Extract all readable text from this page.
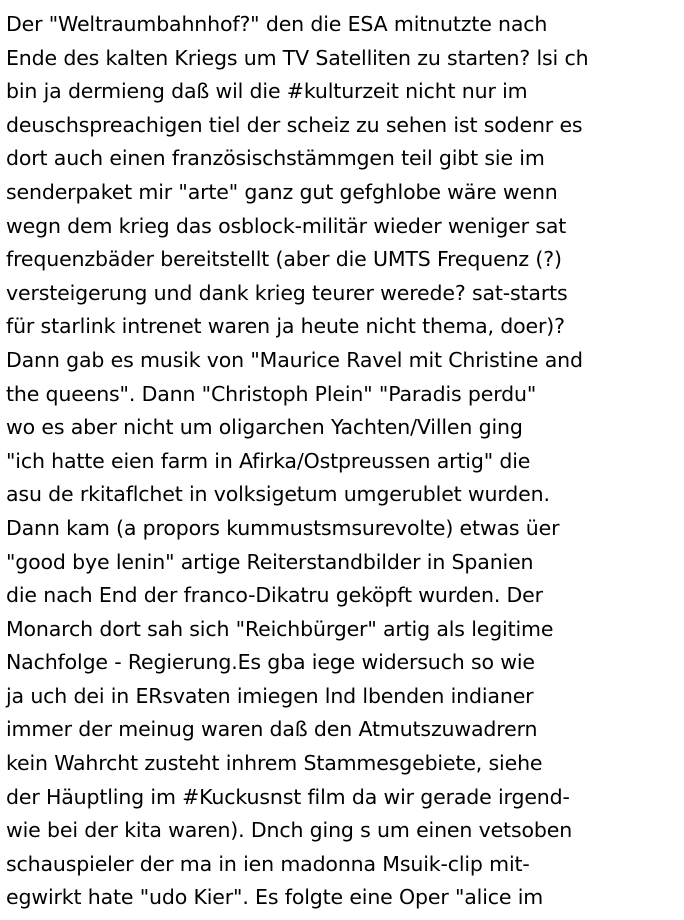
Der "Weltraumbahnhof?" den die ESA mitnutzte nach
Ende des kalten Kriegs um TV Satelliten zu starten? lsi ch
bin ja dermieng daß wil die #kulturzeit nicht nur im
deuschspreachigen tiel der scheiz zu sehen ist sodenr es
dort auch einen französischstämmgen teil gibt sie im
senderpaket mir "arte" ganz gut gefghlobe wäre wenn
wegn dem krieg das osblock-militär wieder weniger sat
frequenzbäder bereitstellt (aber die UMTS Frequenz (?)
versteigerung und dank krieg teurer werede? sat-starts
für starlink intrenet waren ja heute nicht thema, doer)?
Dann gab es musik von "Maurice Ravel mit Christine and
the queens". Dann "Christoph Plein" "Paradis perdu"
wo es aber nicht um oligarchen Yachten/Villen ging
"ich hatte eien farm in Afirka/Ostpreussen artig" die
asu de rkitaflchet in volksigetum umgerublet wurden.
Dann kam (a propors kummustsmsurevolte) etwas üer
"good bye lenin" artige Reiterstandbilder in Spanien
die nach End der franco-Dikatru geköpft wurden. Der
Monarch dort sah sich "Reichbürger" artig als legitime
Nachfolge - Regierung.Es gba iege widersuch so wie
ja uch dei in ERsvaten imiegen lnd lbenden indianer
immer der meinug waren daß den Atmutszuwadrern
kein Wahrcht zusteht inhrem Stammesgebiete, siehe
der Häuptling im #Kuckusnst film da wir gerade irgend-
wie bei der kita waren). Dnch ging s um einen vetsoben
schauspieler der ma in ien madonna Msuik-clip mit-
egwirkt hate "udo Kier". Es folgte eine Oper "alice im
